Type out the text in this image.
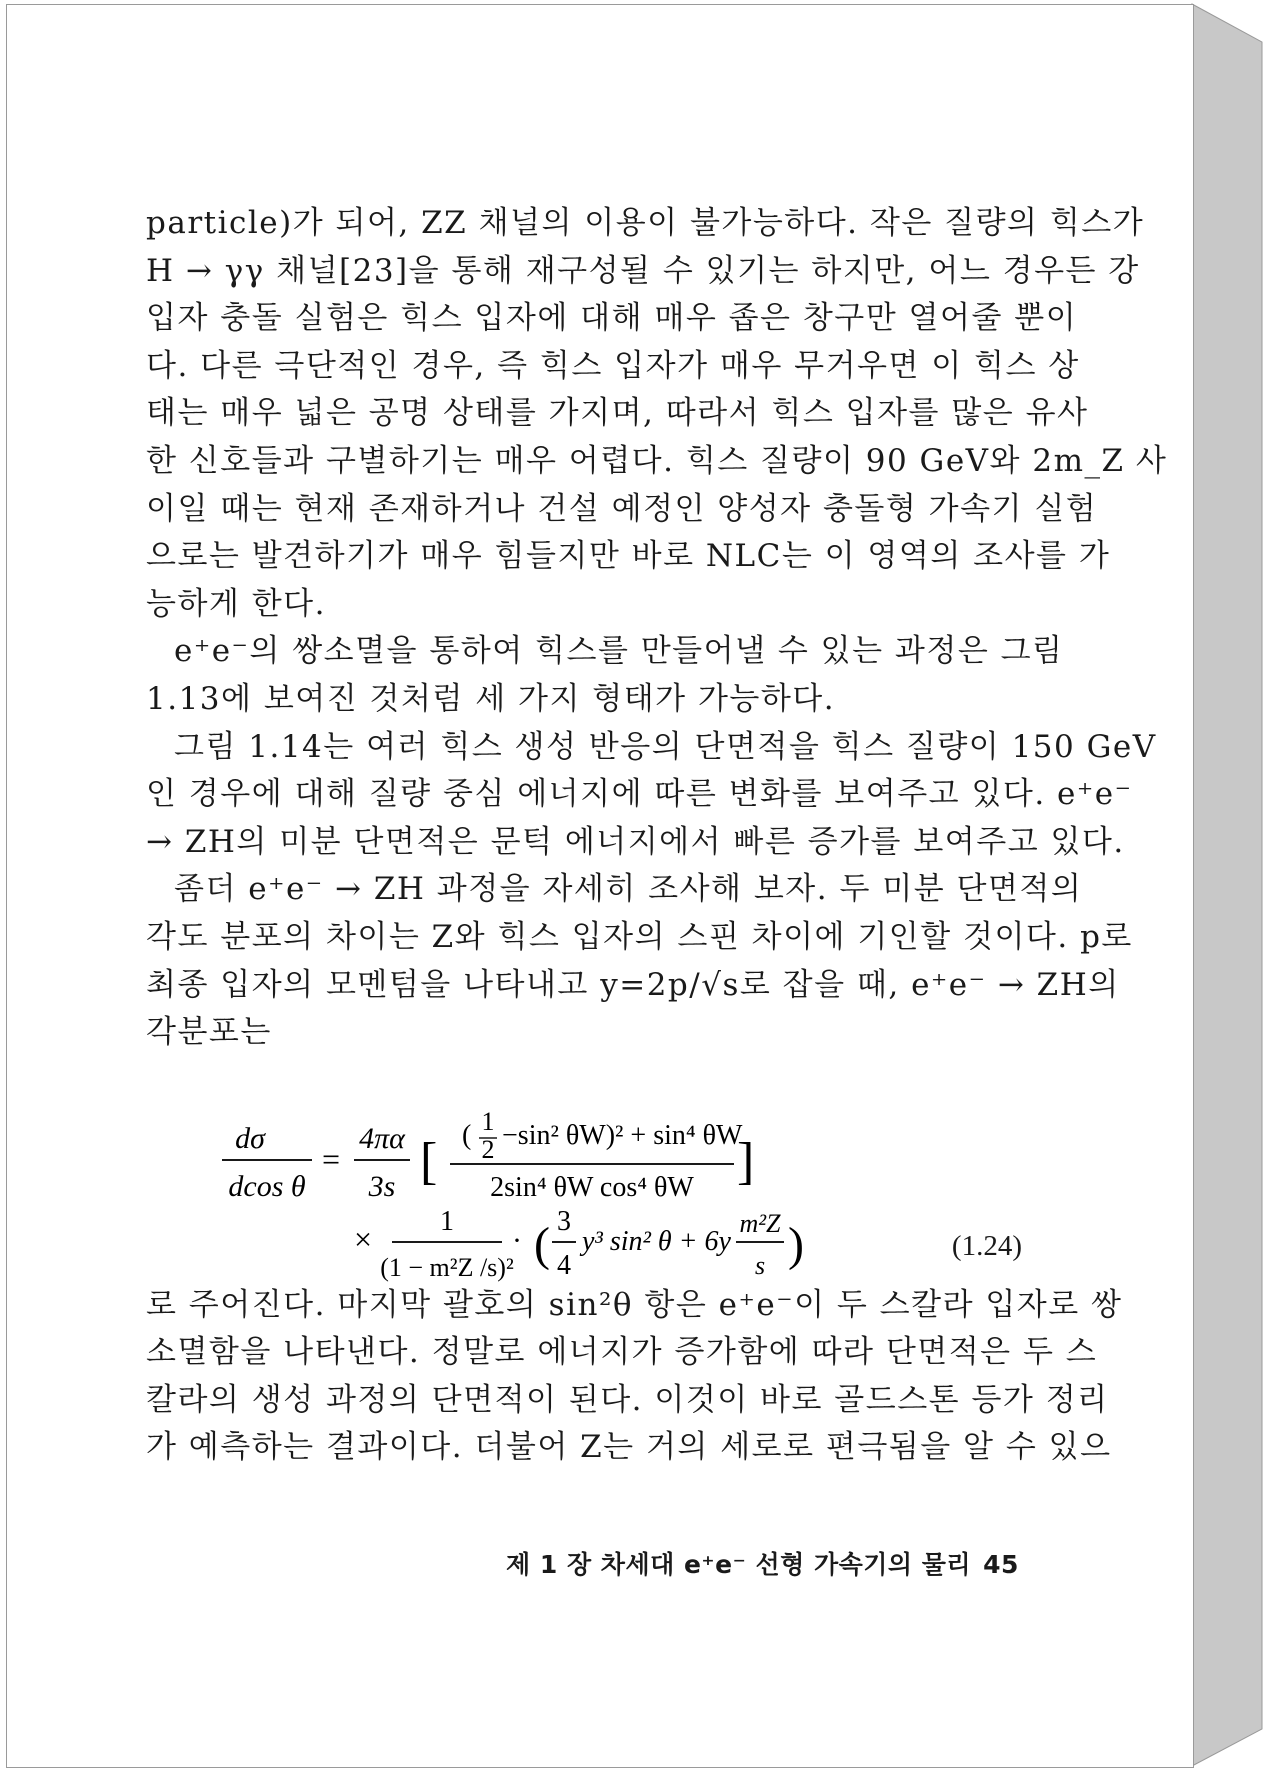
particle)가 되어, ZZ 채널의 이용이 불가능하다. 작은 질량의 힉스가
H → γγ 채널[23]을 통해 재구성될 수 있기는 하지만, 어느 경우든 강
입자 충돌 실험은 힉스 입자에 대해 매우 좁은 창구만 열어줄 뿐이
다. 다른 극단적인 경우, 즉 힉스 입자가 매우 무거우면 이 힉스 상
태는 매우 넓은 공명 상태를 가지며, 따라서 힉스 입자를 많은 유사
한 신호들과 구별하기는 매우 어렵다. 힉스 질량이 90 GeV와 2m_Z 사
이일 때는 현재 존재하거나 건설 예정인 양성자 충돌형 가속기 실험
으로는 발견하기가 매우 힘들지만 바로 NLC는 이 영역의 조사를 가
능하게 한다.

e⁺e⁻의 쌍소멸을 통하여 힉스를 만들어낼 수 있는 과정은 그림
1.13에 보여진 것처럼 세 가지 형태가 가능하다.

그림 1.14는 여러 힉스 생성 반응의 단면적을 힉스 질량이 150 GeV
인 경우에 대해 질량 중심 에너지에 따른 변화를 보여주고 있다. e⁺e⁻
→ ZH의 미분 단면적은 문턱 에너지에서 빠른 증가를 보여주고 있다.

좀더 e⁺e⁻ → ZH 과정을 자세히 조사해 보자. 두 미분 단면적의
각도 분포의 차이는 Z와 힉스 입자의 스핀 차이에 기인할 것이다. p로
최종 입자의 모멘텀을 나타내고 y=2p/√s로 잡을 때, e⁺e⁻ → ZH의
각분포는

로 주어진다. 마지막 괄호의 sin²θ 항은 e⁺e⁻이 두 스칼라 입자로 쌍
소멸함을 나타낸다. 정말로 에너지가 증가함에 따라 단면적은 두 스
칼라의 생성 과정의 단면적이 된다. 이것이 바로 골드스톤 등가 정리
가 예측하는 결과이다. 더불어 Z는 거의 세로로 편극됨을 알 수 있으

dσ
dcos θ
=
4πα
3s [ ( 1
2 −sin² θW)² + sin⁴ θW
2sin⁴ θW cos⁴ θW ]
× 1
(1 − m²Z /s)²
· ( 3
4
y³ sin² θ + 6y
m²Z
s )	(1.24)
제 1 장 차세대 e⁺e⁻ 선형 가속기의 물리 45
